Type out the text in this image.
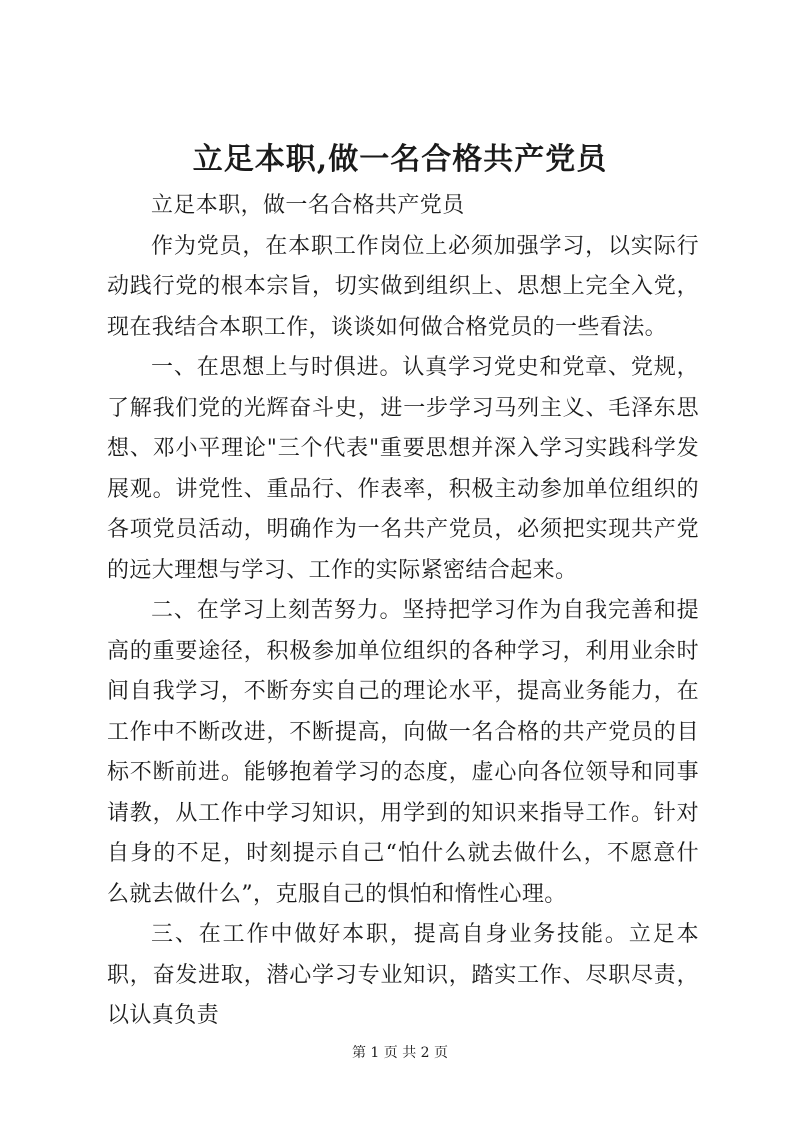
立足本职,做一名合格共产党员

立足本职，做一名合格共产党员

作为党员，在本职工作岗位上必须加强学习，以实际行动践行党的根本宗旨，切实做到组织上、思想上完全入党，现在我结合本职工作，谈谈如何做合格党员的一些看法。

一、在思想上与时俱进。认真学习党史和党章、党规，了解我们党的光辉奋斗史，进一步学习马列主义、毛泽东思想、邓小平理论"三个代表"重要思想并深入学习实践科学发展观。讲党性、重品行、作表率，积极主动参加单位组织的各项党员活动，明确作为一名共产党员，必须把实现共产党的远大理想与学习、工作的实际紧密结合起来。

二、在学习上刻苦努力。坚持把学习作为自我完善和提高的重要途径，积极参加单位组织的各种学习，利用业余时间自我学习，不断夯实自己的理论水平，提高业务能力，在工作中不断改进，不断提高，向做一名合格的共产党员的目标不断前进。能够抱着学习的态度，虚心向各位领导和同事请教，从工作中学习知识，用学到的知识来指导工作。针对自身的不足，时刻提示自己“怕什么就去做什么，不愿意什么就去做什么”，克服自己的惧怕和惰性心理。

三、在工作中做好本职，提高自身业务技能。立足本职，奋发进取，潜心学习专业知识，踏实工作、尽职尽责，以认真负责

第 1 页 共 2 页
